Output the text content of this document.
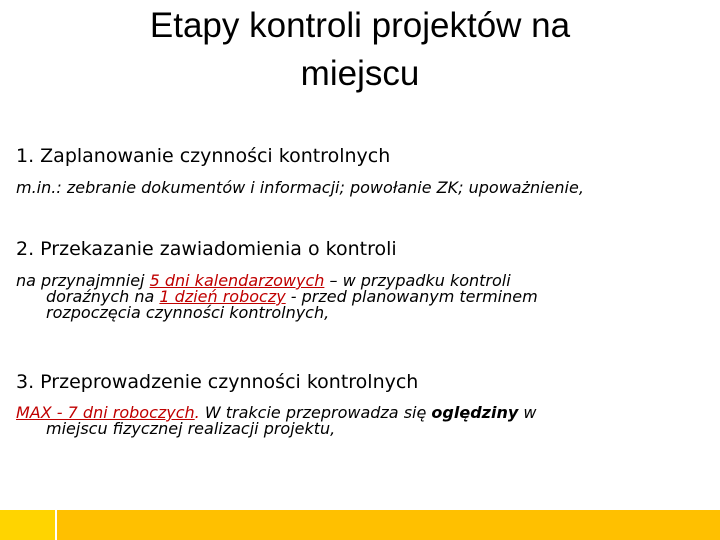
Etapy kontroli projektów na
miejscu
1. Zaplanowanie czynności kontrolnych
m.in.: zebranie dokumentów i informacji; powołanie ZK; upoważnienie,
2. Przekazanie zawiadomienia o kontroli
na przynajmniej 5 dni kalendarzowych – w przypadku kontroli
doraźnych na 1 dzień roboczy - przed planowanym terminem
rozpoczęcia czynności kontrolnych,
3. Przeprowadzenie czynności kontrolnych
MAX - 7 dni roboczych. W trakcie przeprowadza się oględziny w
miejscu fizycznej realizacji projektu,
